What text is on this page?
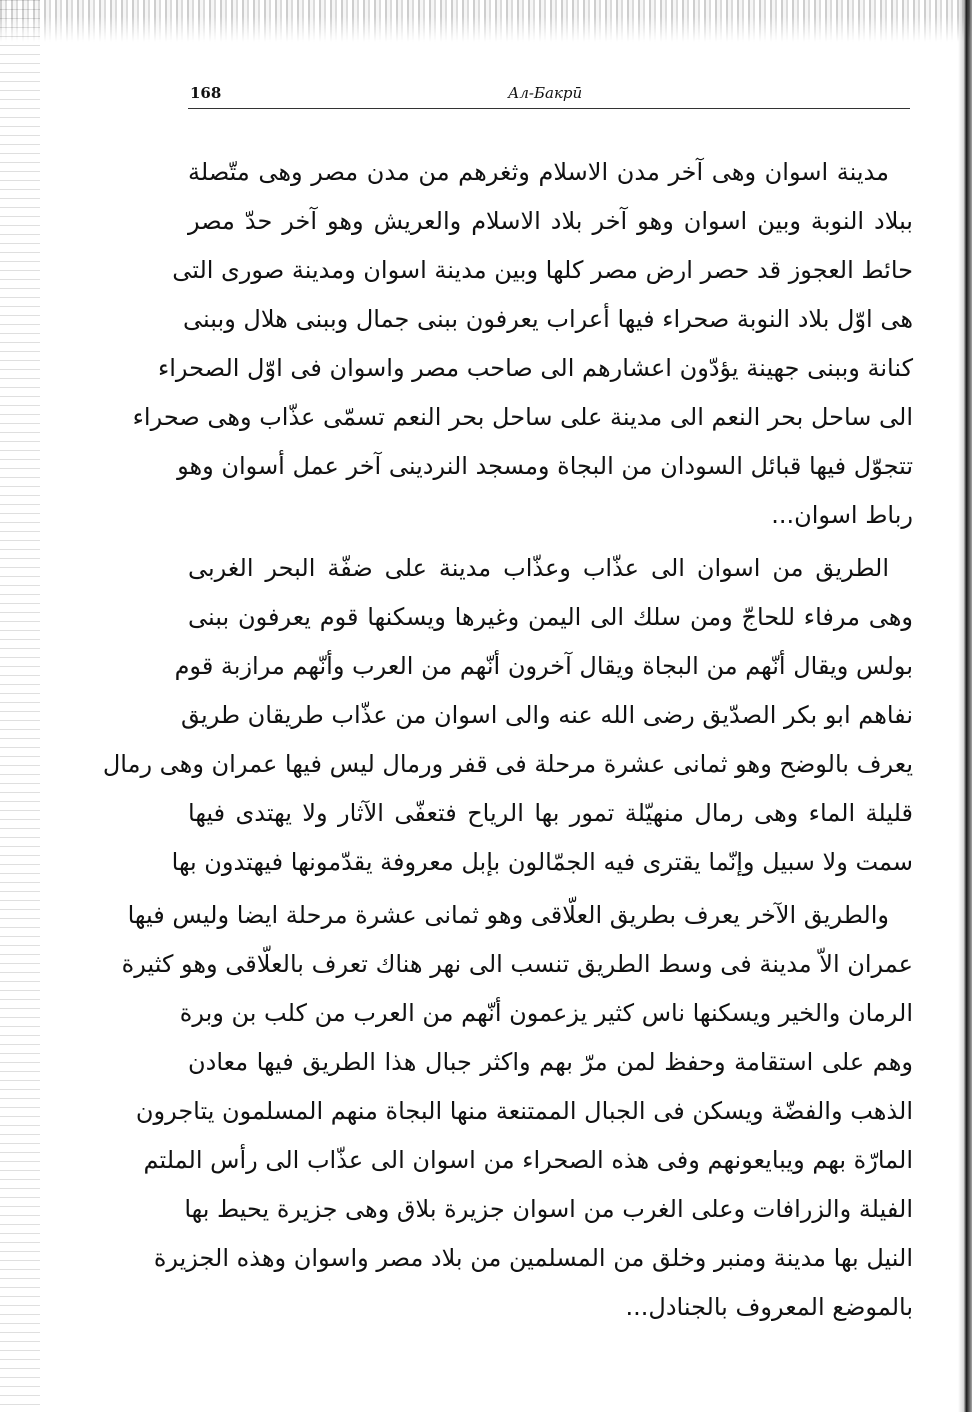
168	Ал-Бакрӣ
مدينة اسوان وهى آخر مدن الاسلام وثغرهم من مدن مصر وهى متّصلة
ببلاد النوبة وبين اسوان وهو آخر بلاد الاسلام والعريش وهو آخر حدّ مصر
حائط العجوز قد حصر ارض مصر كلها وبين مدينة اسوان ومدينة صورى التى
هى اوّل بلاد النوبة صحراء فيها أعراب يعرفون ببنى جمال وببنى هلال وببنى
كنانة وببنى جهينة يؤدّون اعشارهم الى صاحب مصر واسوان فى اوّل الصحراء
الى ساحل بحر النعم الى مدينة على ساحل بحر النعم تسمّى عذّاب وهى صحراء
تتجوّل فيها قبائل السودان من البجاة ومسجد النردينى آخر عمل أسوان وهو
رباط اسوان...
الطريق من اسوان الى عذّاب وعذّاب مدينة على ضفّة البحر الغربى
وهى مرفاء للحاجّ ومن سلك الى اليمن وغيرها ويسكنها قوم يعرفون ببنى
بولس ويقال أنّهم من البجاة ويقال آخرون أنّهم من العرب وأنّهم مرازبة قوم
نفاهم ابو بكر الصدّيق رضى الله عنه والى اسوان من عذّاب طريقان طريق
يعرف بالوضح وهو ثمانى عشرة مرحلة فى قفر ورمال ليس فيها عمران وهى رمال
قليلة الماء وهى رمال منهيّلة تمور بها الرياح فتعفّى الآثار ولا يهتدى فيها
سمت ولا سبيل وإنّما يقترى فيه الجمّالون بإبل معروفة يقدّمونها فيهتدون بها
والطريق الآخر يعرف بطريق العلّاقى وهو ثمانى عشرة مرحلة ايضا وليس فيها
عمران الاّ مدينة فى وسط الطريق تنسب الى نهر هناك تعرف بالعلّاقى وهو كثيرة
الرمان والخير ويسكنها ناس كثير يزعمون أنّهم من العرب من كلب بن وبرة
وهم على استقامة وحفظ لمن مرّ بهم واكثر جبال هذا الطريق فيها معادن
الذهب والفضّة ويسكن فى الجبال الممتنعة منها البجاة منهم المسلمون يتاجرون
المارّة بهم ويبايعونهم وفى هذه الصحراء من اسوان الى عذّاب الى رأس الملتم
الفيلة والزرافات وعلى الغرب من اسوان جزيرة بلاق وهى جزيرة يحيط بها
النيل بها مدينة ومنبر وخلق من المسلمين من بلاد مصر واسوان وهذه الجزيرة
بالموضع المعروف بالجنادل...
